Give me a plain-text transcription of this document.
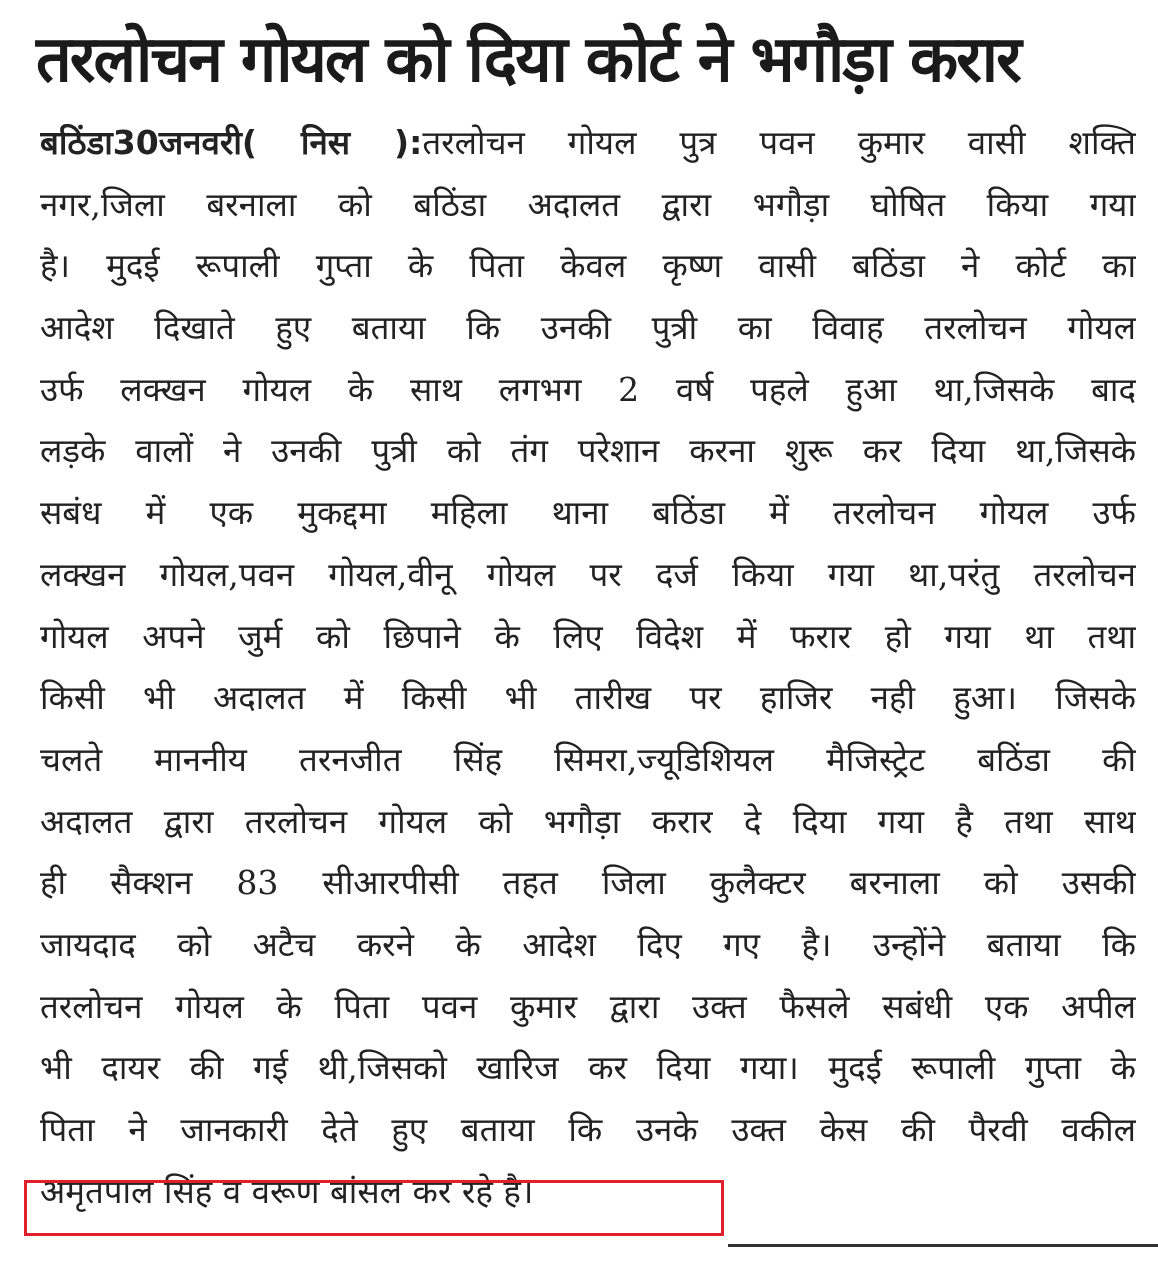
तरलोचन गोयल को दिया कोर्ट ने भगौड़ा करार
बठिंडा30जनवरी( निस ):तरलोचन गोयल पुत्र पवन कुमार वासी शक्ति
नगर,जिला बरनाला को बठिंडा अदालत द्वारा भगौड़ा घोषित किया गया
है। मुदई रूपाली गुप्ता के पिता केवल कृष्ण वासी बठिंडा ने कोर्ट का
आदेश दिखाते हुए बताया कि उनकी पुत्री का विवाह तरलोचन गोयल
उर्फ लक्खन गोयल के साथ लगभग 2 वर्ष पहले हुआ था,जिसके बाद
लड़के वालों ने उनकी पुत्री को तंग परेशान करना शुरू कर दिया था,जिसके
सबंध में एक मुकद्दमा महिला थाना बठिंडा में तरलोचन गोयल उर्फ
लक्खन गोयल,पवन गोयल,वीनू गोयल पर दर्ज किया गया था,परंतु तरलोचन
गोयल अपने जुर्म को छिपाने के लिए विदेश में फरार हो गया था तथा
किसी भी अदालत में किसी भी तारीख पर हाजिर नही हुआ। जिसके
चलते माननीय तरनजीत सिंह सिमरा,ज्यूडिशियल मैजिस्ट्रेट बठिंडा की
अदालत द्वारा तरलोचन गोयल को भगौड़ा करार दे दिया गया है तथा साथ
ही सैक्शन 83 सीआरपीसी तहत जिला कुलैक्टर बरनाला को उसकी
जायदाद को अटैच करने के आदेश दिए गए है। उन्होंने बताया कि
तरलोचन गोयल के पिता पवन कुमार द्वारा उक्त फैसले सबंधी एक अपील
भी दायर की गई थी,जिसको खारिज कर दिया गया। मुदई रूपाली गुप्ता के
पिता ने जानकारी देते हुए बताया कि उनके उक्त केस की पैरवी वकील
अमृतपाल सिंह व वरूण बांसल कर रहे है।
